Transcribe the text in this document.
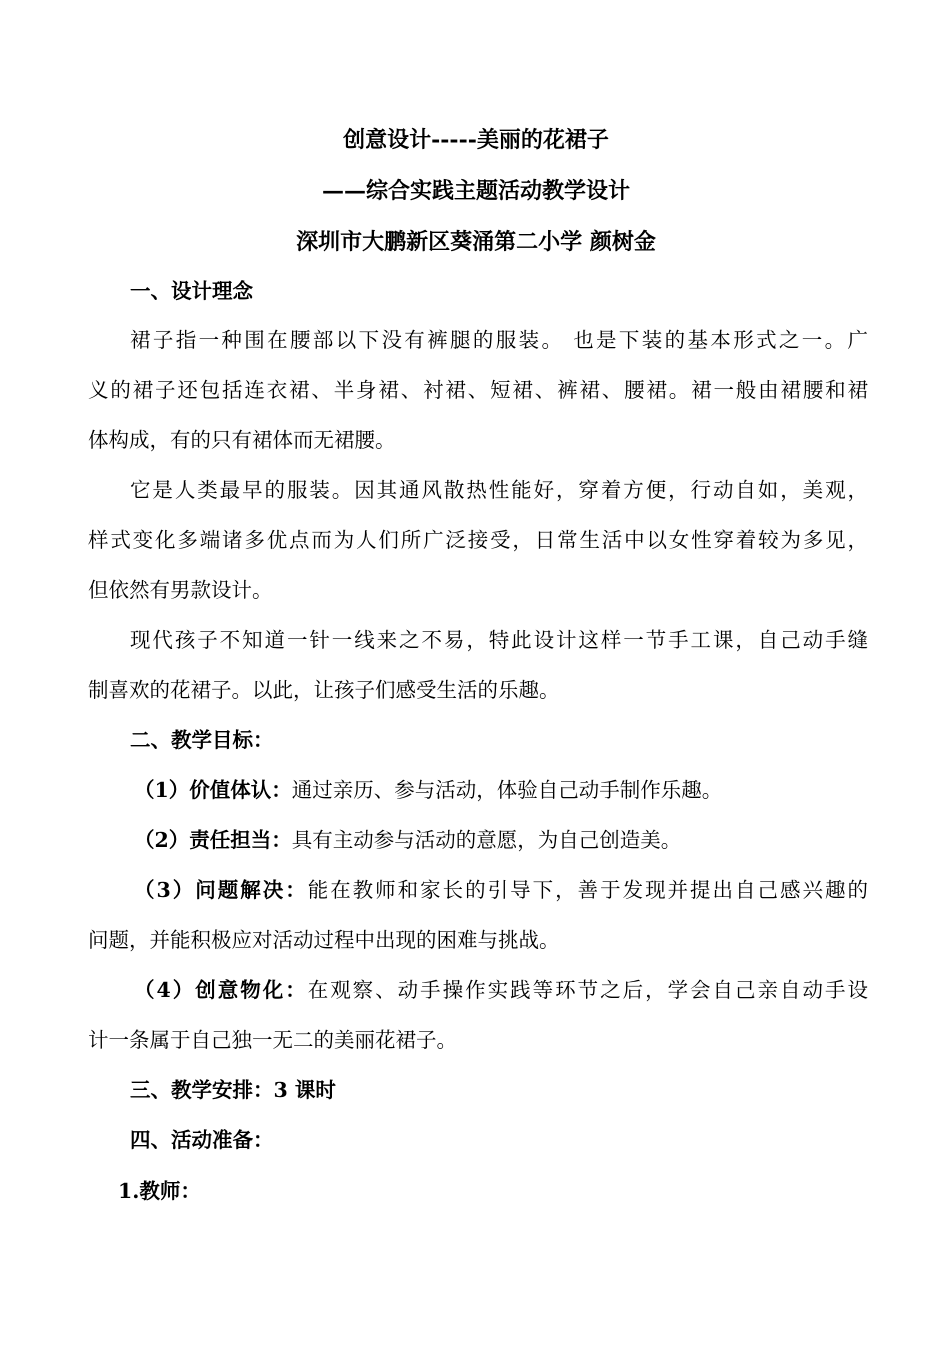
创意设计-----美丽的花裙子
——综合实践主题活动教学设计
深圳市大鹏新区葵涌第二小学 颜树金
一、设计理念
裙子指一种围在腰部以下没有裤腿的服装。 也是下装的基本形式之一。广
义的裙子还包括连衣裙、半身裙、衬裙、短裙、裤裙、腰裙。裙一般由裙腰和裙
体构成，有的只有裙体而无裙腰。
它是人类最早的服装。因其通风散热性能好，穿着方便，行动自如，美观，
样式变化多端诸多优点而为人们所广泛接受，日常生活中以女性穿着较为多见，
但依然有男款设计。
现代孩子不知道一针一线来之不易，特此设计这样一节手工课，自己动手缝
制喜欢的花裙子。以此，让孩子们感受生活的乐趣。
二、教学目标：
（1）价值体认：通过亲历、参与活动，体验自己动手制作乐趣。
（2）责任担当：具有主动参与活动的意愿，为自己创造美。
（3）问题解决：能在教师和家长的引导下，善于发现并提出自己感兴趣的
问题，并能积极应对活动过程中出现的困难与挑战。
（4）创意物化：在观察、动手操作实践等环节之后，学会自己亲自动手设
计一条属于自己独一无二的美丽花裙子。
三、教学安排：3 课时
四、活动准备：
1.教师：
